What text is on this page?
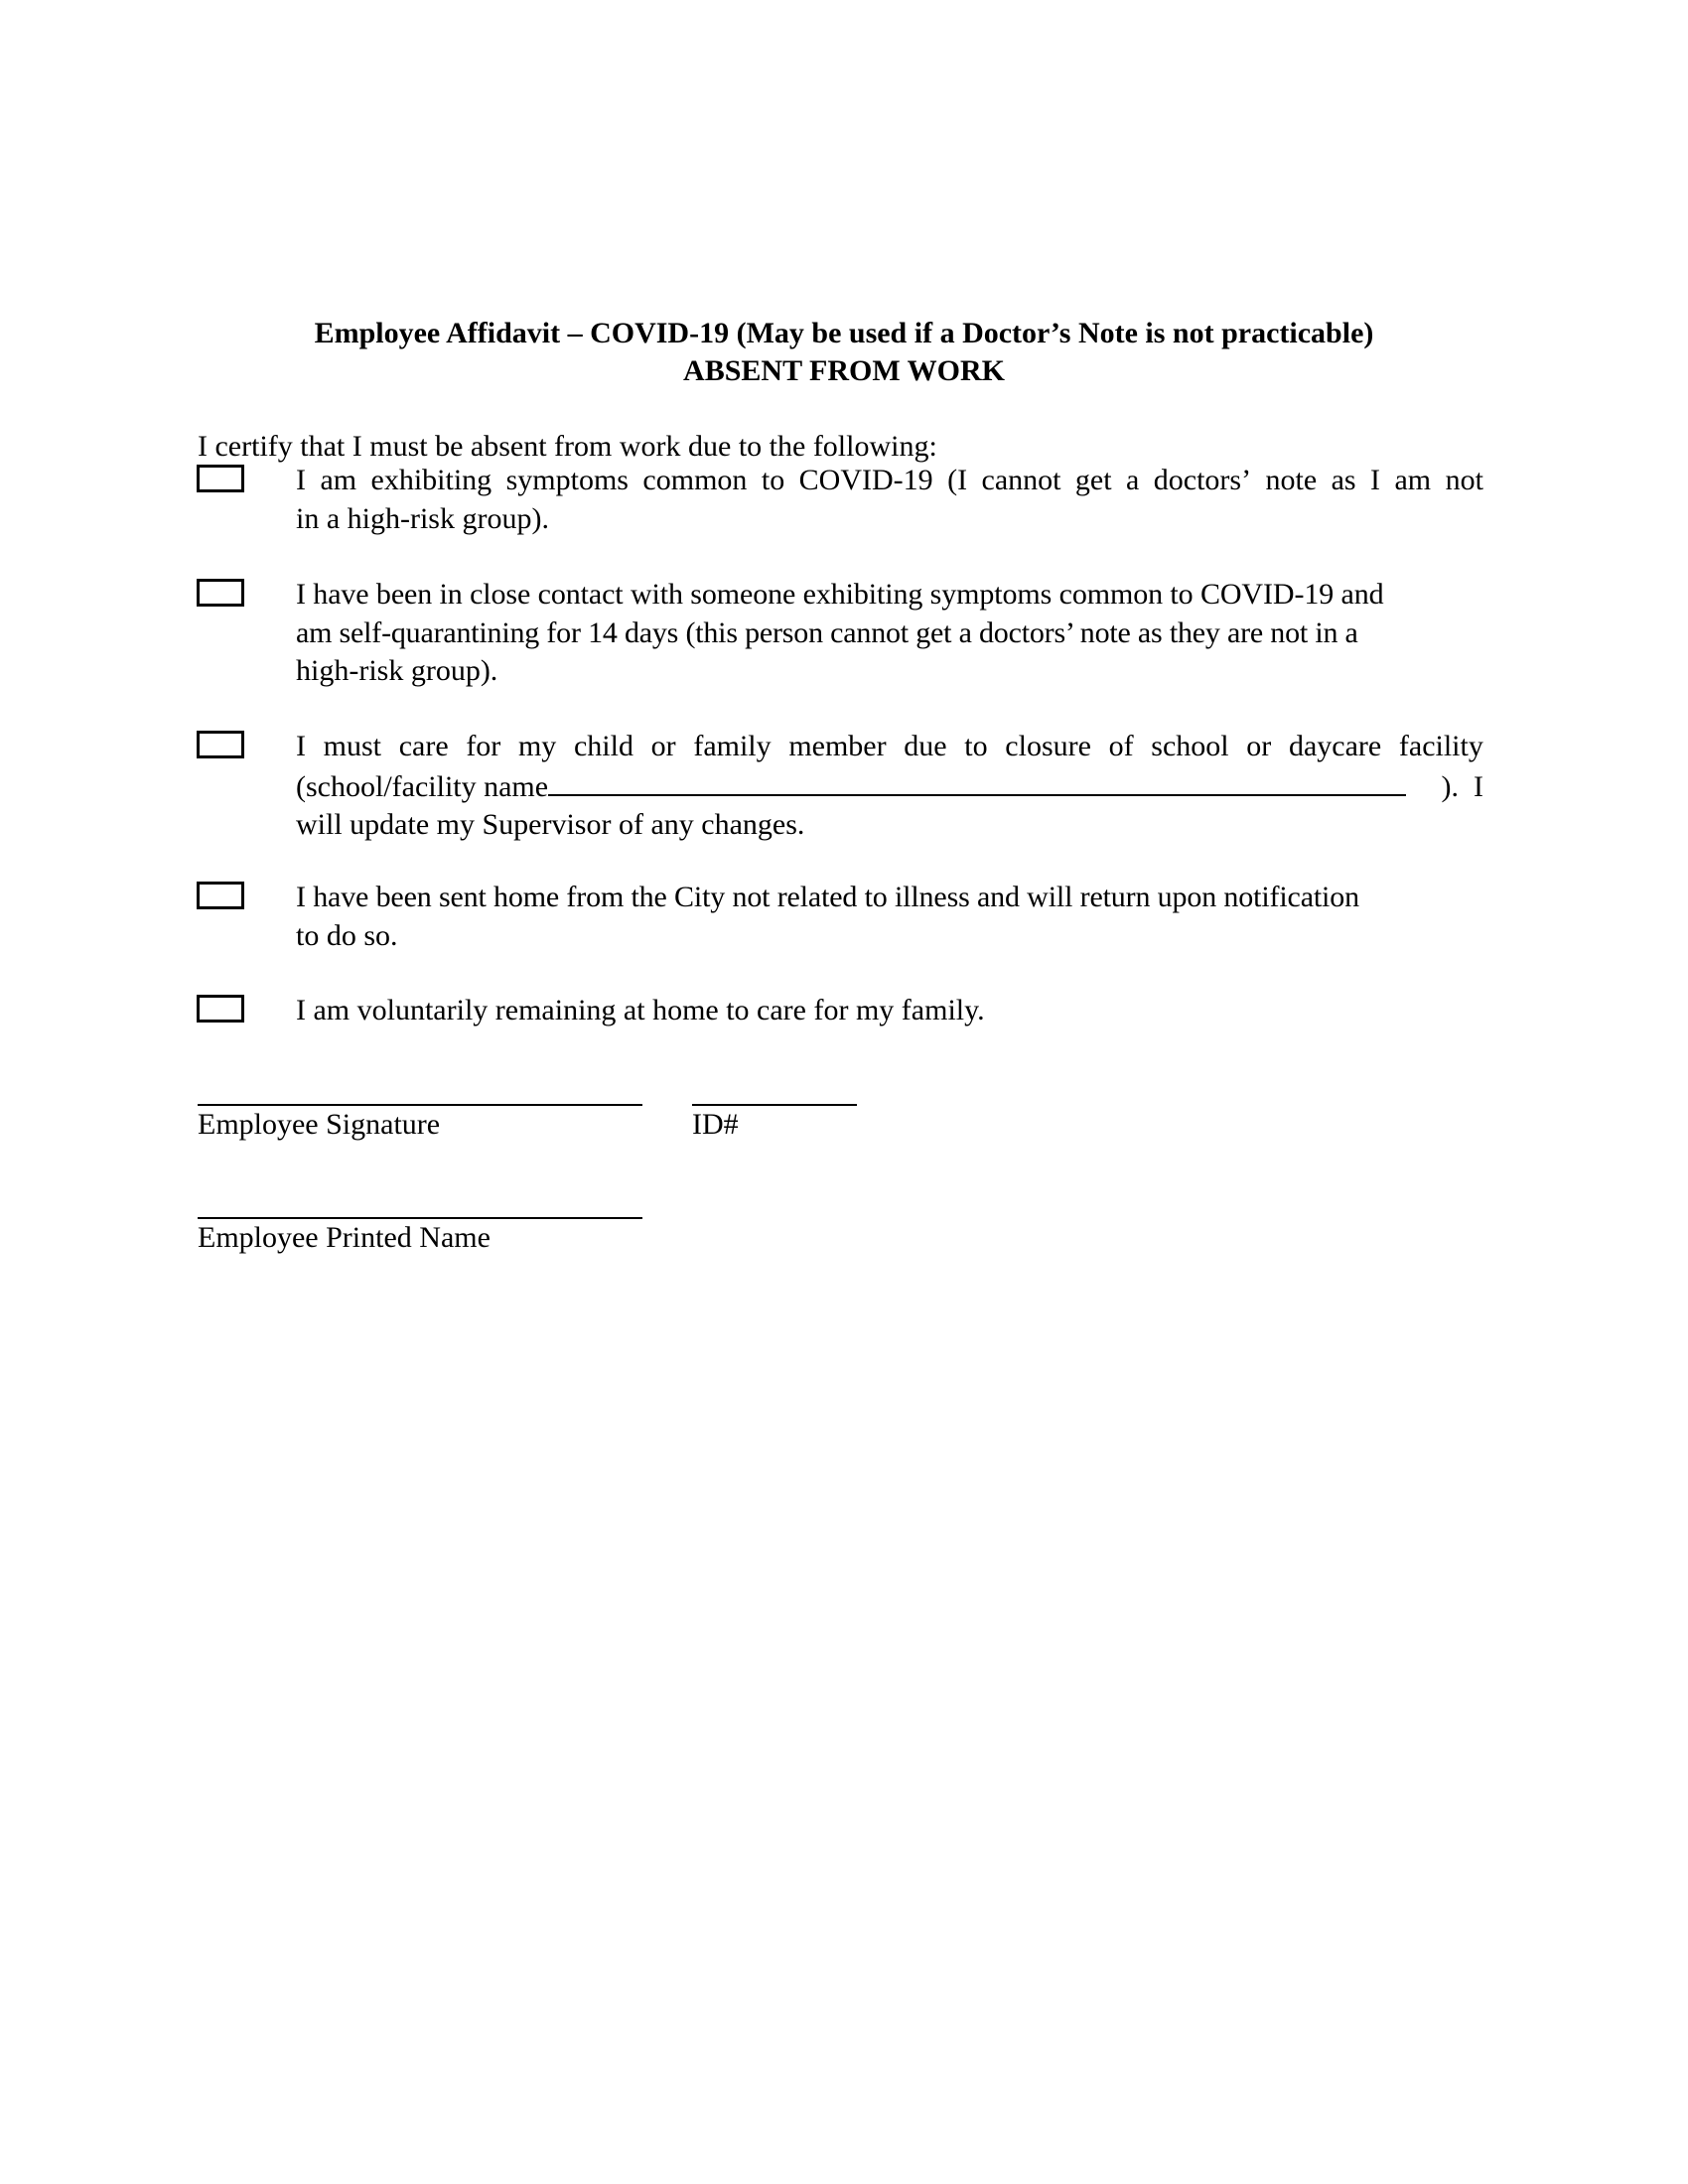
Employee Affidavit – COVID-19 (May be used if a Doctor’s Note is not practicable)

ABSENT FROM WORK

I certify that I must be absent from work due to the following:
I am exhibiting symptoms common to COVID-19 (I cannot get a doctors’ note as I am not
in a high-risk group).
I have been in close contact with someone exhibiting symptoms common to COVID-19 and
am self-quarantining for 14 days (this person cannot get a doctors’ note as they are not in a
high-risk group).
I must care for my child or family member due to closure of school or daycare facility
(school/facility name	).  I
will update my Supervisor of any changes.
I have been sent home from the City not related to illness and will return upon notification
to do so.
I am voluntarily remaining at home to care for my family.
Employee Signature	ID#
Employee Printed Name
